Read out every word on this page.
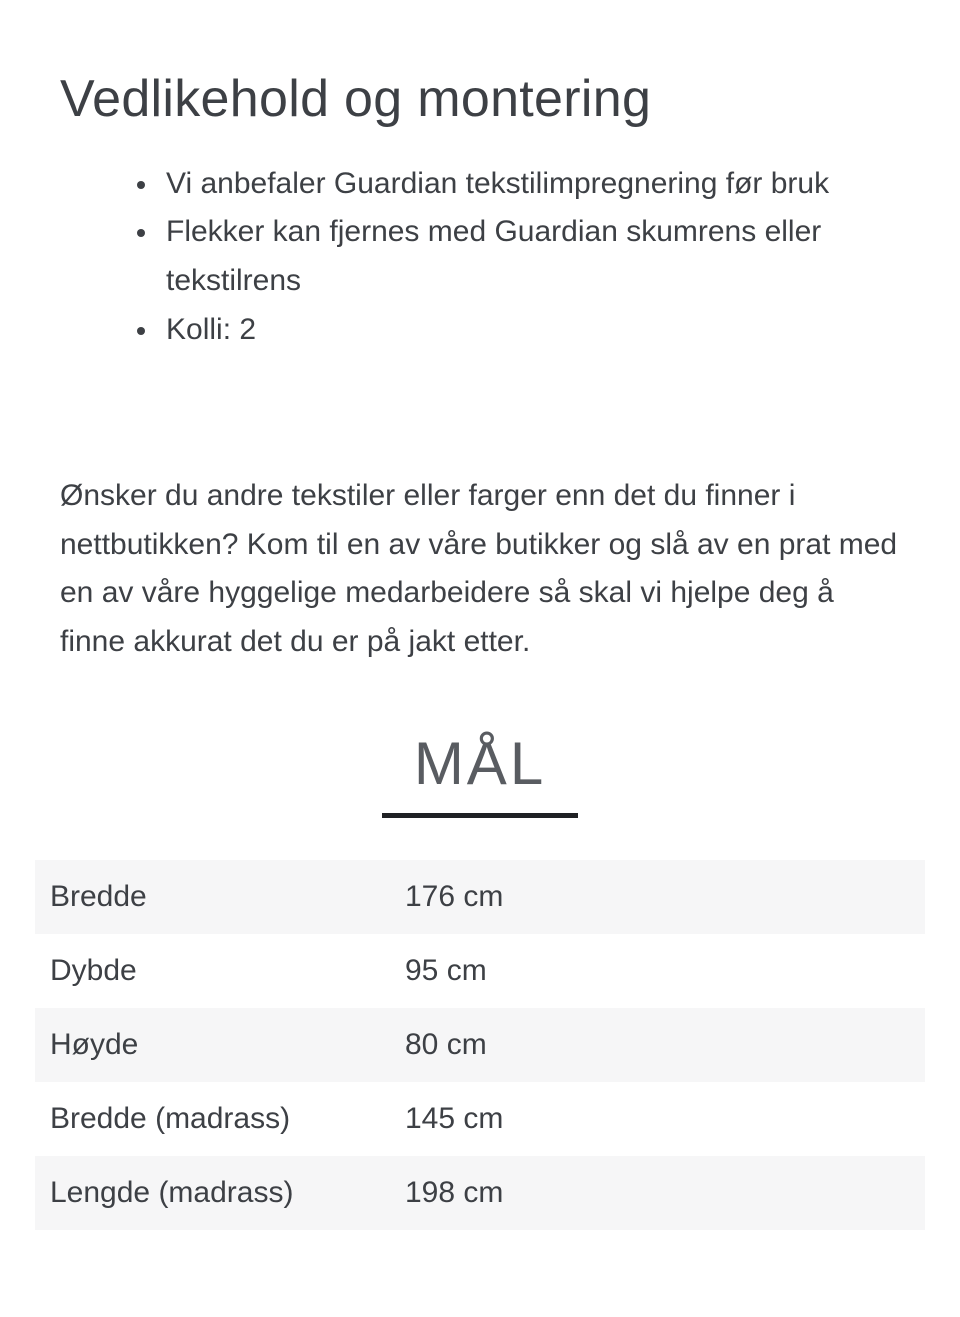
Vedlikehold og montering
• Vi anbefaler Guardian tekstilimpregnering før bruk
• Flekker kan fjernes med Guardian skumrens eller tekstilrens
• Kolli: 2

Ønsker du andre tekstiler eller farger enn det du finner i nettbutikken? Kom til en av våre butikker og slå av en prat med en av våre hyggelige medarbeidere så skal vi hjelpe deg å finne akkurat det du er på jakt etter.

MÅL
Bredde	176 cm
Dybde	95 cm
Høyde	80 cm
Bredde (madrass)	145 cm
Lengde (madrass)	198 cm
